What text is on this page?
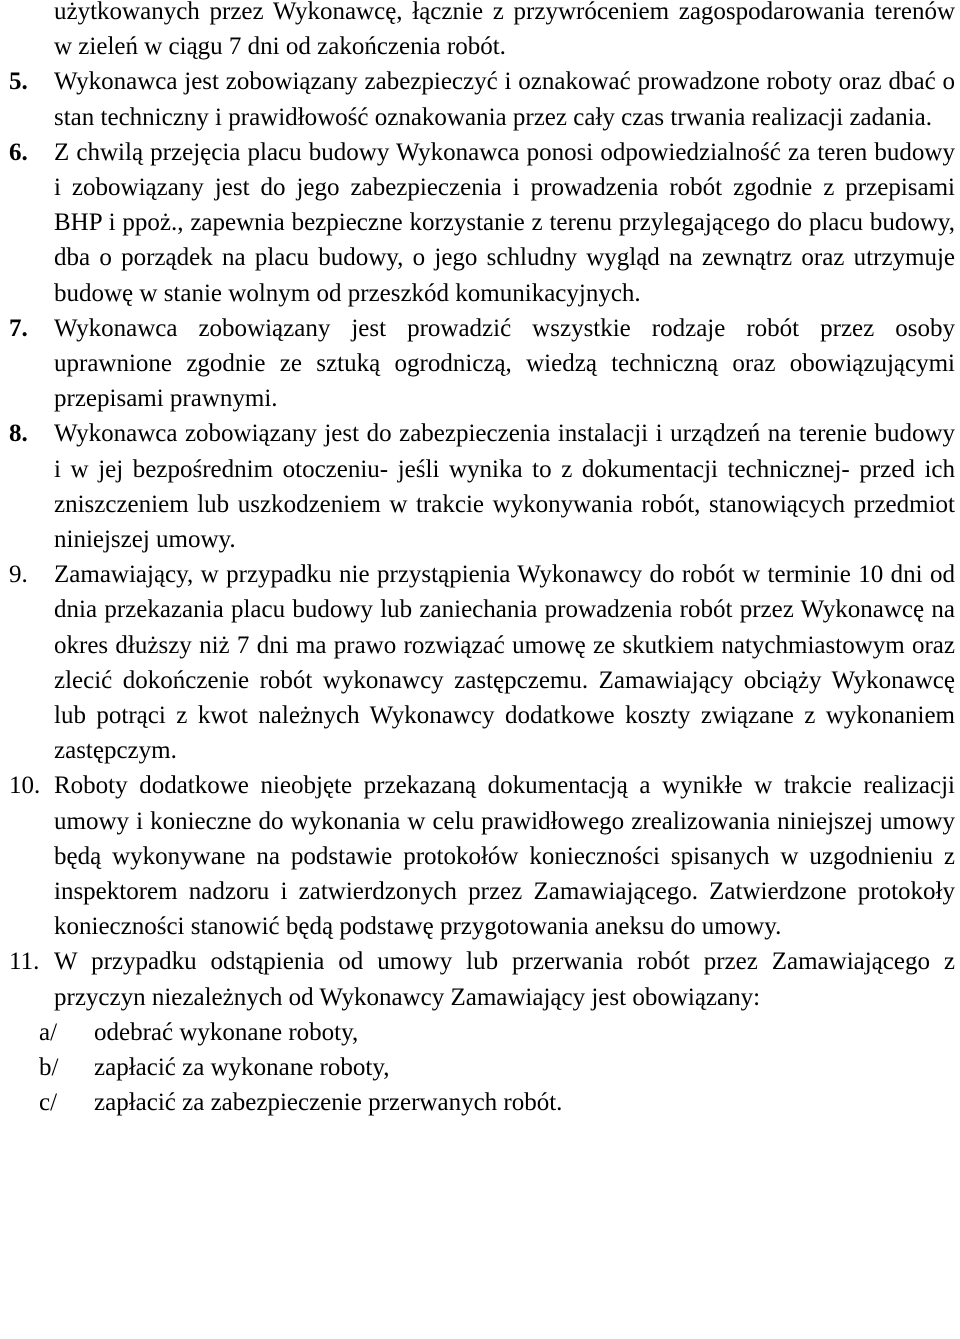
użytkowanych przez Wykonawcę, łącznie z przywróceniem zagospodarowania terenów w zieleń w ciągu 7 dni od zakończenia robót.

5.	Wykonawca jest zobowiązany zabezpieczyć i oznakować prowadzone roboty oraz dbać o stan techniczny i prawidłowość oznakowania przez cały czas trwania realizacji zadania.
6.	Z chwilą przejęcia placu budowy Wykonawca ponosi odpowiedzialność za teren budowy i zobowiązany jest do jego zabezpieczenia i prowadzenia robót zgodnie z przepisami BHP i ppoż., zapewnia bezpieczne korzystanie z terenu przylegającego do placu budowy, dba o porządek na placu budowy, o jego schludny wygląd na zewnątrz oraz utrzymuje budowę w stanie wolnym od przeszkód komunikacyjnych.
7.	Wykonawca zobowiązany jest prowadzić wszystkie rodzaje robót przez osoby uprawnione zgodnie ze sztuką ogrodniczą, wiedzą techniczną oraz obowiązującymi przepisami prawnymi.
8.	Wykonawca zobowiązany jest do zabezpieczenia instalacji i urządzeń na terenie budowy i w jej bezpośrednim otoczeniu- jeśli wynika to z dokumentacji technicznej- przed ich zniszczeniem lub uszkodzeniem w trakcie wykonywania robót, stanowiących przedmiot niniejszej umowy.
9.	Zamawiający, w przypadku nie przystąpienia Wykonawcy do robót w terminie 10 dni od dnia przekazania placu budowy lub zaniechania prowadzenia robót przez Wykonawcę na okres dłuższy niż 7 dni ma prawo rozwiązać umowę ze skutkiem natychmiastowym oraz zlecić dokończenie robót wykonawcy zastępczemu. Zamawiający obciąży Wykonawcę lub potrąci z kwot należnych Wykonawcy dodatkowe koszty związane z wykonaniem zastępczym.
10. Roboty dodatkowe nieobjęte przekazaną dokumentacją a wynikłe w trakcie realizacji umowy i konieczne do wykonania w celu prawidłowego zrealizowania niniejszej umowy będą wykonywane na podstawie protokołów konieczności spisanych w uzgodnieniu z inspektorem nadzoru i zatwierdzonych przez Zamawiającego. Zatwierdzone protokoły konieczności stanowić będą podstawę przygotowania aneksu do umowy.
11. W przypadku odstąpienia od umowy lub przerwania robót przez Zamawiającego z przyczyn niezależnych od Wykonawcy Zamawiający jest obowiązany:
a/	odebrać wykonane roboty,
b/	zapłacić za wykonane roboty,
c/	zapłacić za zabezpieczenie przerwanych robót.
